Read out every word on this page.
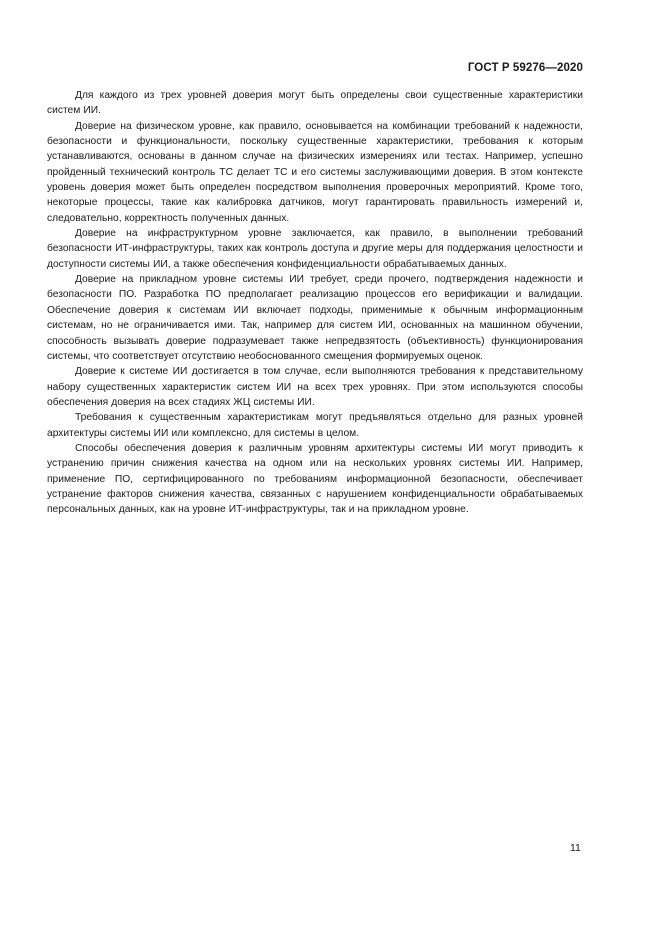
ГОСТ Р 59276—2020

Для каждого из трех уровней доверия могут быть определены свои существенные характеристики систем ИИ.

Доверие на физическом уровне, как правило, основывается на комбинации требований к надежности, безопасности и функциональности, поскольку существенные характеристики, требования к которым устанавливаются, основаны в данном случае на физических измерениях или тестах. Например, успешно пройденный технический контроль ТС делает ТС и его системы заслуживающими доверия. В этом контексте уровень доверия может быть определен посредством выполнения проверочных мероприятий. Кроме того, некоторые процессы, такие как калибровка датчиков, могут гарантировать правильность измерений и, следовательно, корректность полученных данных.

Доверие на инфраструктурном уровне заключается, как правило, в выполнении требований безопасности ИТ-инфраструктуры, таких как контроль доступа и другие меры для поддержания целостности и доступности системы ИИ, а также обеспечения конфиденциальности обрабатываемых данных.

Доверие на прикладном уровне системы ИИ требует, среди прочего, подтверждения надежности и безопасности ПО. Разработка ПО предполагает реализацию процессов его верификации и валидации. Обеспечение доверия к системам ИИ включает подходы, применимые к обычным информационным системам, но не ограничивается ими. Так, например для систем ИИ, основанных на машинном обучении, способность вызывать доверие подразумевает также непредвзятость (объективность) функционирования системы, что соответствует отсутствию необоснованного смещения формируемых оценок.

Доверие к системе ИИ достигается в том случае, если выполняются требования к представительному набору существенных характеристик систем ИИ на всех трех уровнях. При этом используются способы обеспечения доверия на всех стадиях ЖЦ системы ИИ.

Требования к существенным характеристикам могут предъявляться отдельно для разных уровней архитектуры системы ИИ или комплексно, для системы в целом.

Способы обеспечения доверия к различным уровням архитектуры системы ИИ могут приводить к устранению причин снижения качества на одном или на нескольких уровнях системы ИИ. Например, применение ПО, сертифицированного по требованиям информационной безопасности, обеспечивает устранение факторов снижения качества, связанных с нарушением конфиденциальности обрабатываемых персональных данных, как на уровне ИТ-инфраструктуры, так и на прикладном уровне.

11
